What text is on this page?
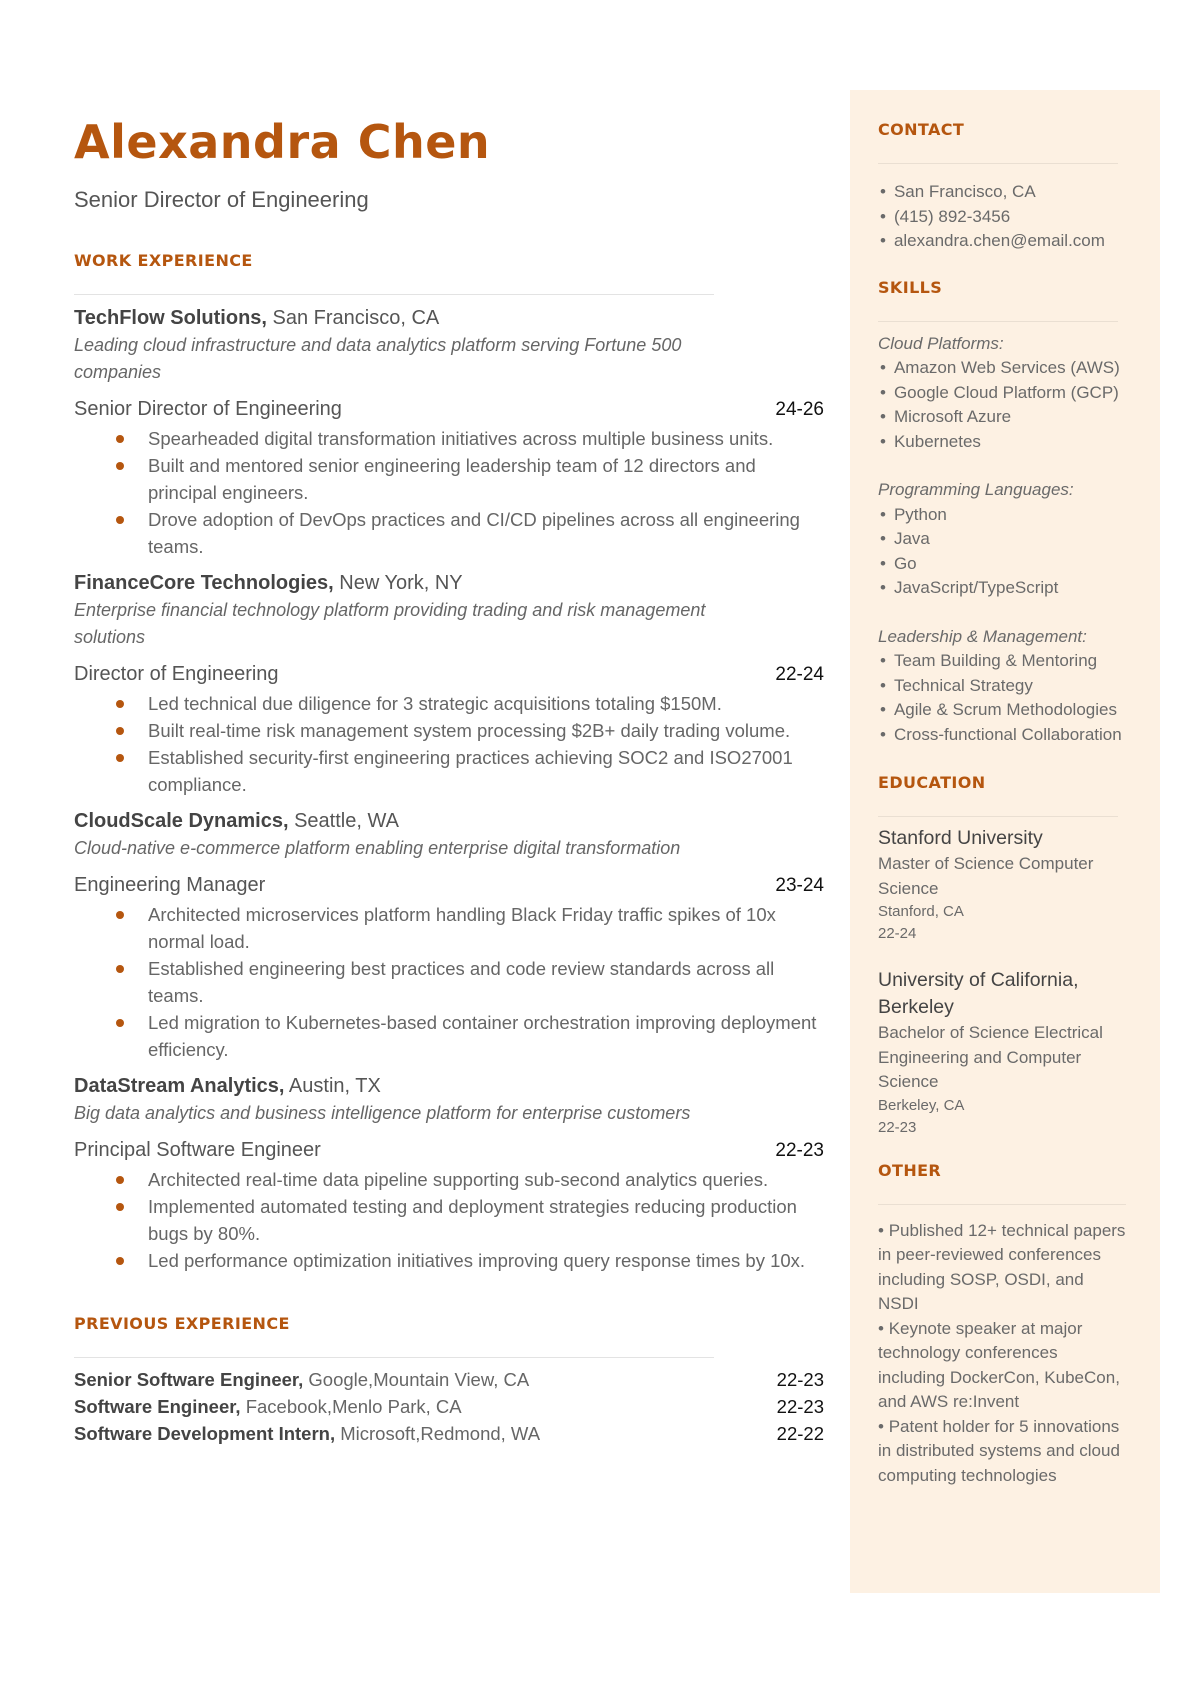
Alexandra Chen
Senior Director of Engineering
WORK EXPERIENCE
TechFlow Solutions, San Francisco, CA
Leading cloud infrastructure and data analytics platform serving Fortune 500 companies
Senior Director of Engineering	24-26
Spearheaded digital transformation initiatives across multiple business units.
Built and mentored senior engineering leadership team of 12 directors and principal engineers.
Drove adoption of DevOps practices and CI/CD pipelines across all engineering teams.
FinanceCore Technologies, New York, NY
Enterprise financial technology platform providing trading and risk management solutions
Director of Engineering	22-24
Led technical due diligence for 3 strategic acquisitions totaling $150M.
Built real-time risk management system processing $2B+ daily trading volume.
Established security-first engineering practices achieving SOC2 and ISO27001 compliance.
CloudScale Dynamics, Seattle, WA
Cloud-native e-commerce platform enabling enterprise digital transformation
Engineering Manager	23-24
Architected microservices platform handling Black Friday traffic spikes of 10x normal load.
Established engineering best practices and code review standards across all teams.
Led migration to Kubernetes-based container orchestration improving deployment efficiency.
DataStream Analytics, Austin, TX
Big data analytics and business intelligence platform for enterprise customers
Principal Software Engineer	22-23
Architected real-time data pipeline supporting sub-second analytics queries.
Implemented automated testing and deployment strategies reducing production bugs by 80%.
Led performance optimization initiatives improving query response times by 10x.
PREVIOUS EXPERIENCE
Senior Software Engineer, Google,Mountain View, CA	22-23
Software Engineer, Facebook,Menlo Park, CA	22-23
Software Development Intern, Microsoft,Redmond, WA	22-22
CONTACT
• San Francisco, CA
• (415) 892-3456
• alexandra.chen@email.com
SKILLS
Cloud Platforms:
• Amazon Web Services (AWS)
• Google Cloud Platform (GCP)
• Microsoft Azure
• Kubernetes
Programming Languages:
• Python
• Java
• Go
• JavaScript/TypeScript
Leadership & Management:
• Team Building & Mentoring
• Technical Strategy
• Agile & Scrum Methodologies
• Cross-functional Collaboration
EDUCATION
Stanford University
Master of Science Computer Science
Stanford, CA
22-24
University of California, Berkeley
Bachelor of Science Electrical Engineering and Computer Science
Berkeley, CA
22-23
OTHER
• Published 12+ technical papers in peer-reviewed conferences including SOSP, OSDI, and NSDI
• Keynote speaker at major technology conferences including DockerCon, KubeCon, and AWS re:Invent
• Patent holder for 5 innovations in distributed systems and cloud computing technologies
